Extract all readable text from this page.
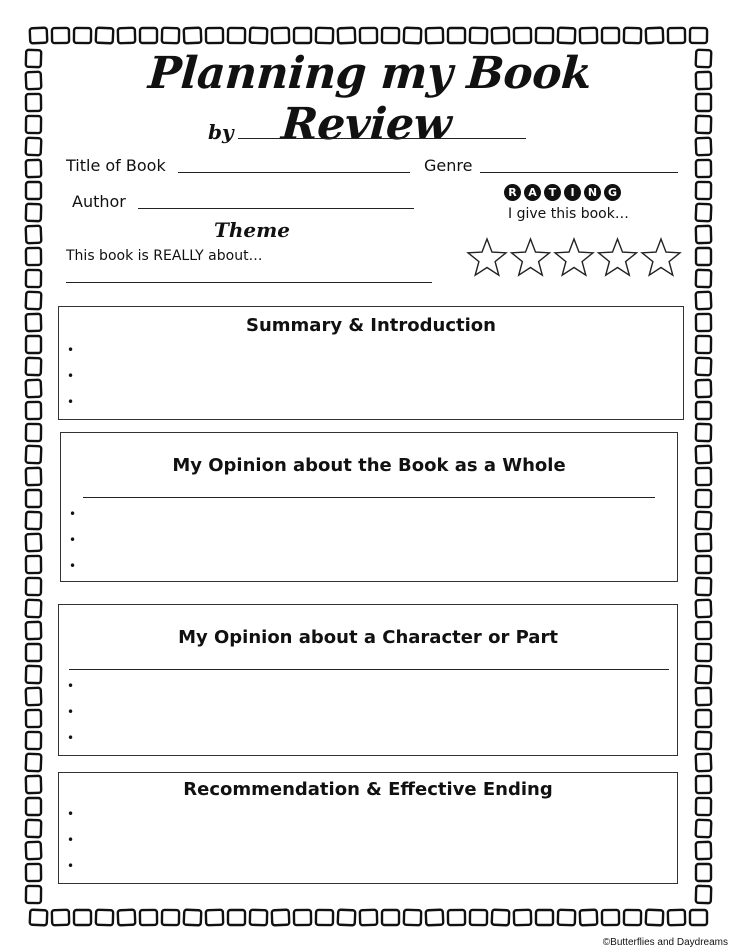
Planning my Book Review
by
Title of Book	Genre
Author
Theme
This book is REALLY about…
R	A	T	I	N G
I give this book…
Summary & Introduction
•
•
•
My Opinion about the Book as a Whole
•
•
•
My Opinion about a Character or Part
•
•
•
Recommendation & Effective Ending
•
•
•
©Butterflies and Daydreams
